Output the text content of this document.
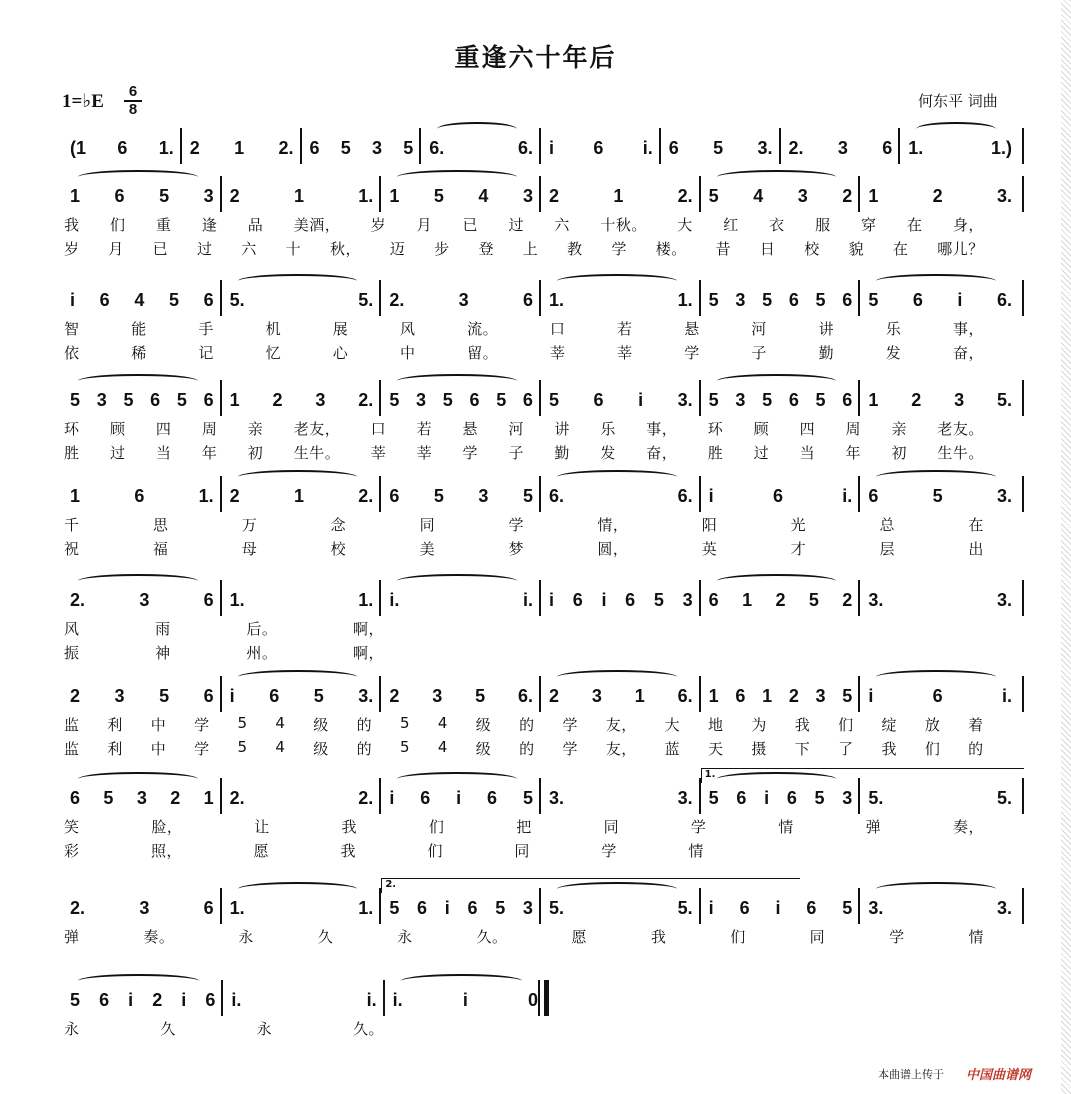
重逢六十年后
1=♭E	6
8	何东平 词曲
(1 6 1. 2 1 2. 6 5 3 5 6.	6. i 6 i. 6 5 3. 2. 3 6 1.	1.)
1 6 5 3 2	1	1. 1 5 4 3 2	1	2. 5 4 3 2 1	2	3.
我 们 重 逢 品 美酒， 岁 月 已 过 六 十秋。 大 红 衣 服 穿 在 身，
岁 月 已 过 六 十 秋， 迈 步 登 上 教 学 楼。 昔 日 校 貌 在 哪儿？
i 6 4 5 6 5.	5. 2.	3	6 1.	1. 5 3 5 6 5 6 5 6 i 6.
智	能	手	机	展	风	流。	口	若	悬	河	讲	乐	事，
依	稀	记	忆	心	中	留。	莘	莘	学	子	勤	发	奋，
5 3 5 6 5 6 1 2 3 2. 5 3 5 6 5 6 5 6 i 3. 5 3 5 6 5 6 1 2 3 5.
环 顾 四 周 亲 老友， 口 若 悬 河 讲 乐 事， 环 顾 四 周 亲 老友。
胜 过 当 年 初 生牛。 莘 莘 学 子 勤 发 奋， 胜 过 当 年 初 生牛。
1	6	1. 2	1	2. 6 5 3 5 6.	6. i	6	i. 6	5	3.
千	思	万	念	同	学	情，	阳	光	总	在
祝	福	母	校	美	梦	圆，	英	才	层	出
2.	3	6 1.	1. i.	i. i 6 i 6 5 3 6 1 2 5 2 3.	3.
风	雨	后。	啊，
振	神	州。	啊，
2 3 5 6 i 6 5 3. 2 3 5 6. 2 3 1 6. 1 6 1 2 3 5 i	6	i.
监 利 中 学 5 4 级 的 5 4 级 的 学 友， 大 地 为 我 们 绽 放 着
监 利 中 学 5 4 级 的 5 4 级 的 学 友， 蓝 天 摄 下 了 我 们 的
6 5 3 2 1 2.	2. i 6 i 6 5 3.	3. 5 6 i 6 5 3 5.	5.
1.
笑	脸，	让	我	们	把	同	学	情	弹	奏，
彩	照，	愿	我	们	同	学	情
2.	3	6 1.	1. 5 6 i 6 5 3 5.	5. i 6 i 6 5 3.	3.
2.
弹	奏。	永	久	永	久。	愿	我	们	同	学	情
5 6 i 2 i 6 i.	i. i.	i	0
永	久	永	久。
本曲谱上传于 中国曲谱网
